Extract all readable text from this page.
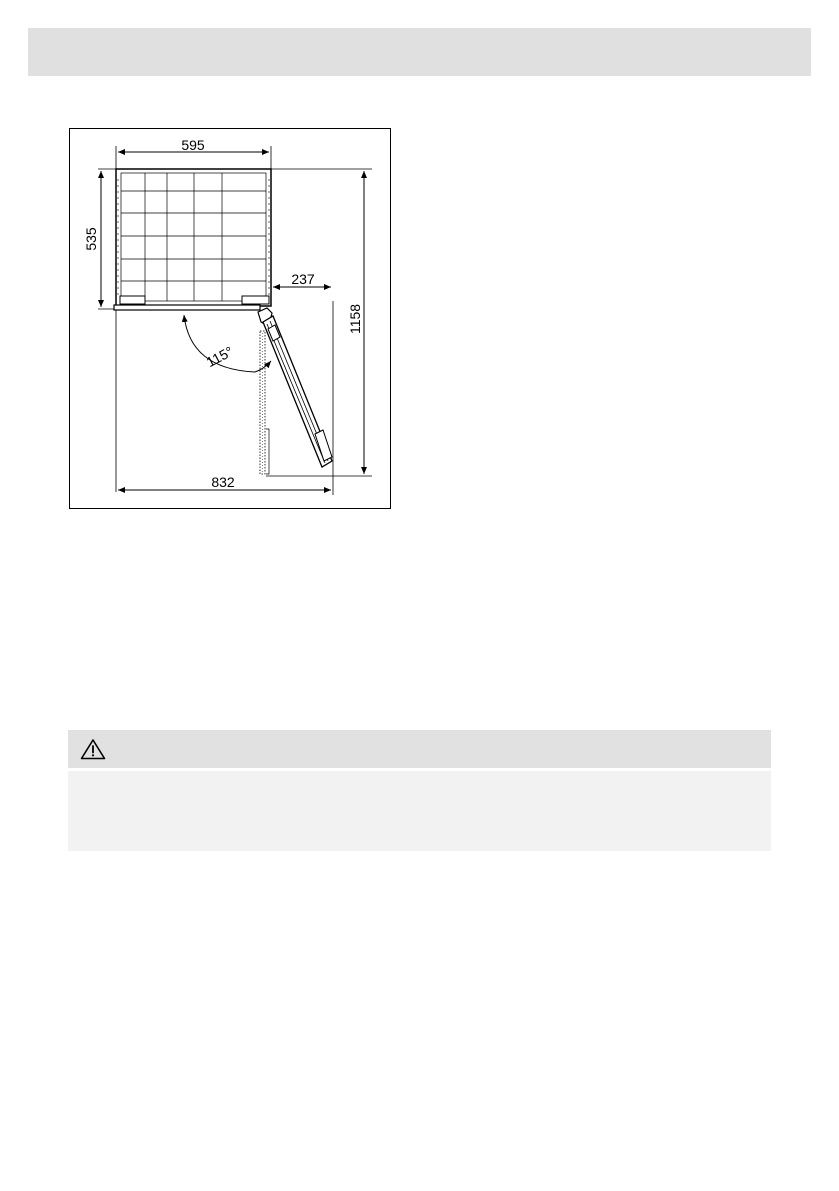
595
535
237
1158
832
115°
